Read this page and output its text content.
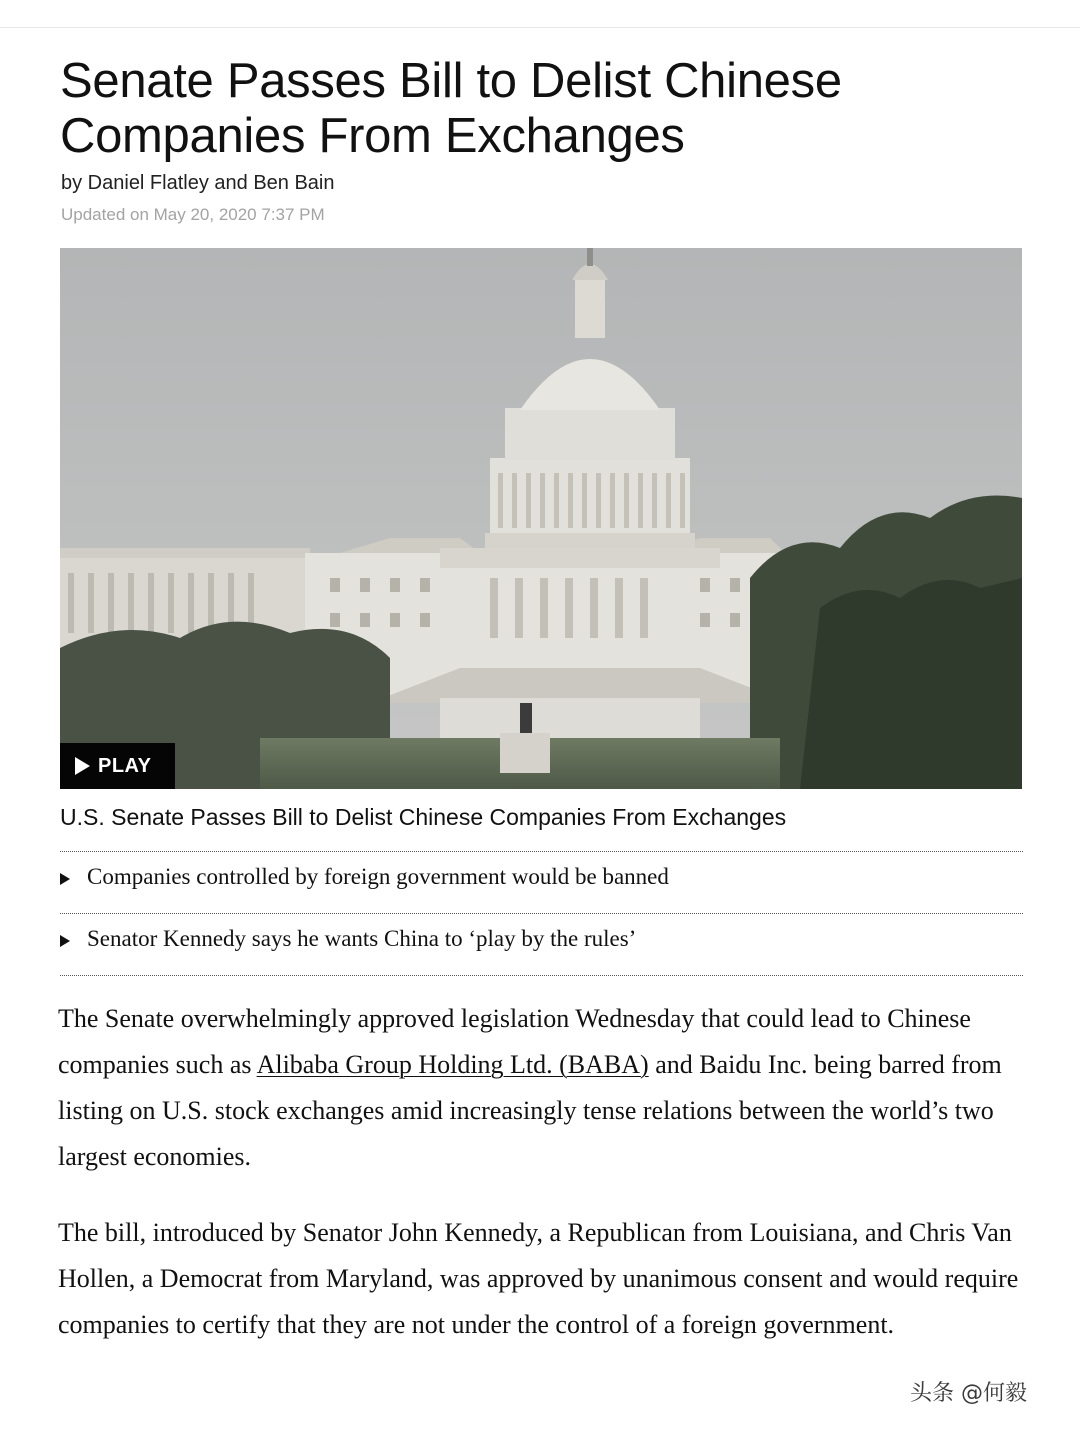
Senate Passes Bill to Delist Chinese Companies From Exchanges
by Daniel Flatley and Ben Bain
Updated on May 20, 2020 7:37 PM
PLAY
U.S. Senate Passes Bill to Delist Chinese Companies From Exchanges
Companies controlled by foreign government would be banned
Senator Kennedy says he wants China to ‘play by the rules’

The Senate overwhelmingly approved legislation Wednesday that could lead to Chinese companies such as Alibaba Group Holding Ltd. (BABA) and Baidu Inc. being barred from listing on U.S. stock exchanges amid increasingly tense relations between the world’s two largest economies.

The bill, introduced by Senator John Kennedy, a Republican from Louisiana, and Chris Van Hollen, a Democrat from Maryland, was approved by unanimous consent and would require companies to certify that they are not under the control of a foreign government.

头条 @何毅
